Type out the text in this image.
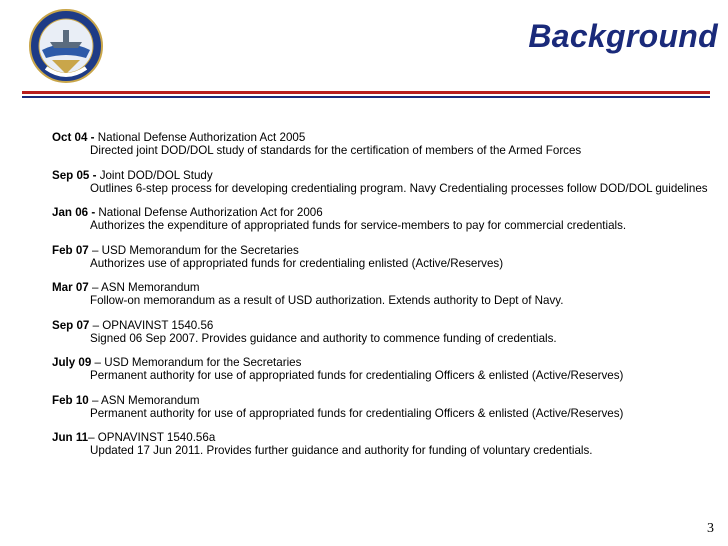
Background
Oct 04 - National Defense Authorization Act 2005
Directed joint DOD/DOL study of standards for the certification of members of the Armed Forces
Sep 05 - Joint DOD/DOL Study
Outlines 6-step process for developing credentialing program. Navy Credentialing processes follow DOD/DOL guidelines
Jan 06 - National Defense Authorization Act for 2006
Authorizes the expenditure of appropriated funds for service-members to pay for commercial credentials.
Feb 07 – USD Memorandum for the Secretaries
Authorizes use of appropriated funds for credentialing enlisted (Active/Reserves)
Mar 07 – ASN Memorandum
Follow-on memorandum as a result of USD authorization. Extends authority to Dept of Navy.
Sep 07 – OPNAVINST 1540.56
Signed 06 Sep 2007. Provides guidance and authority to commence funding of credentials.
July 09 – USD Memorandum for the Secretaries
Permanent authority for use of appropriated funds for credentialing Officers & enlisted (Active/Reserves)
Feb 10 – ASN Memorandum
Permanent authority for use of appropriated funds for credentialing Officers & enlisted (Active/Reserves)
Jun 11– OPNAVINST 1540.56a
Updated 17 Jun 2011. Provides further guidance and authority for funding of voluntary credentials.
3
